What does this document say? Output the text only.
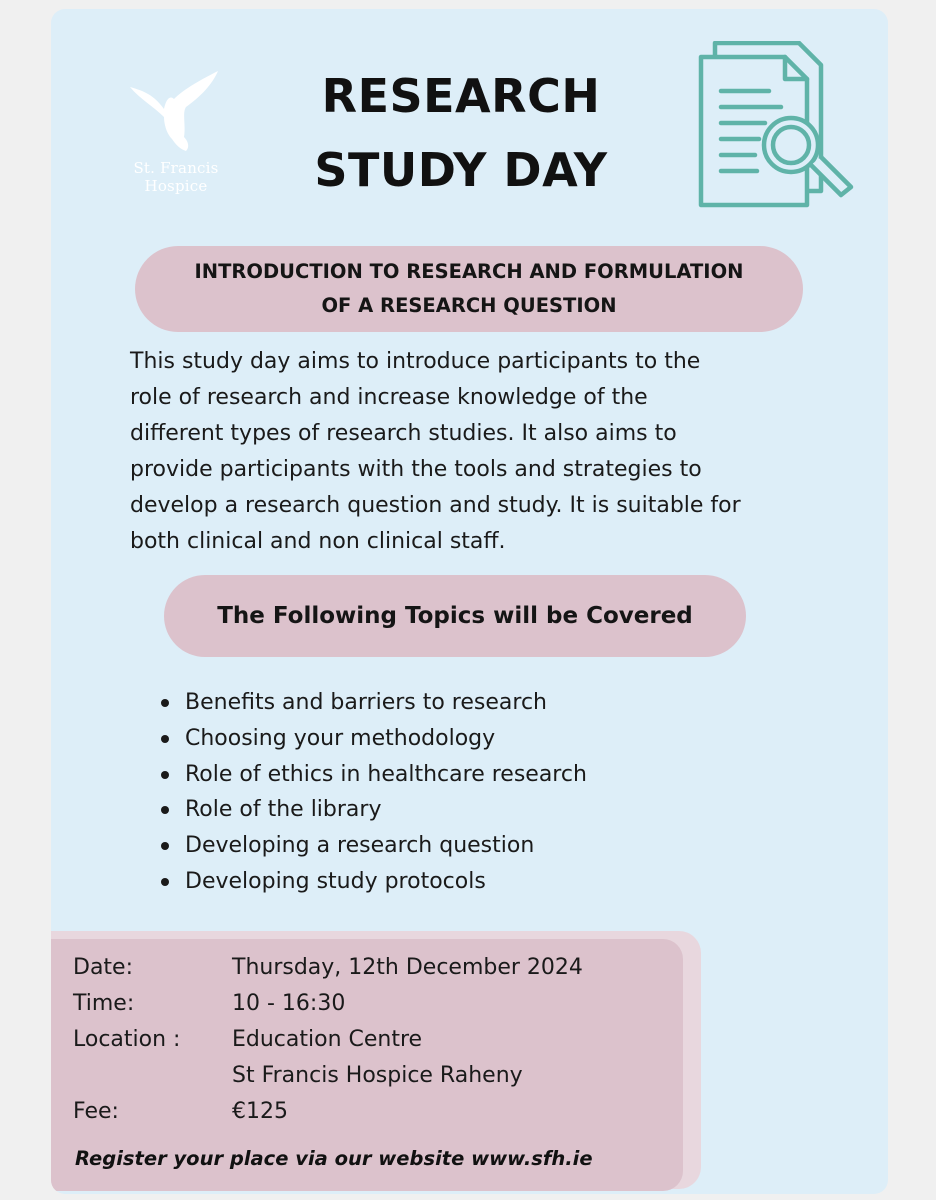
St. Francis Hospice
RESEARCH
STUDY DAY
INTRODUCTION TO RESEARCH AND FORMULATION
OF A RESEARCH QUESTION
This study day aims to introduce participants to the
role of research and increase knowledge of the
different types of research studies. It also aims to
provide participants with the tools and strategies to
develop a research question and study. It is suitable for
both clinical and non clinical staff.
The Following Topics will be Covered
Benefits and barriers to research
Choosing your methodology
Role of ethics in healthcare research
Role of the library
Developing a research question
Developing study protocols
Date:	Thursday, 12th December 2024
Time:	10 - 16:30
Location : Education Centre
St Francis Hospice Raheny
Fee:	€125
Register your place via our website www.sfh.ie
